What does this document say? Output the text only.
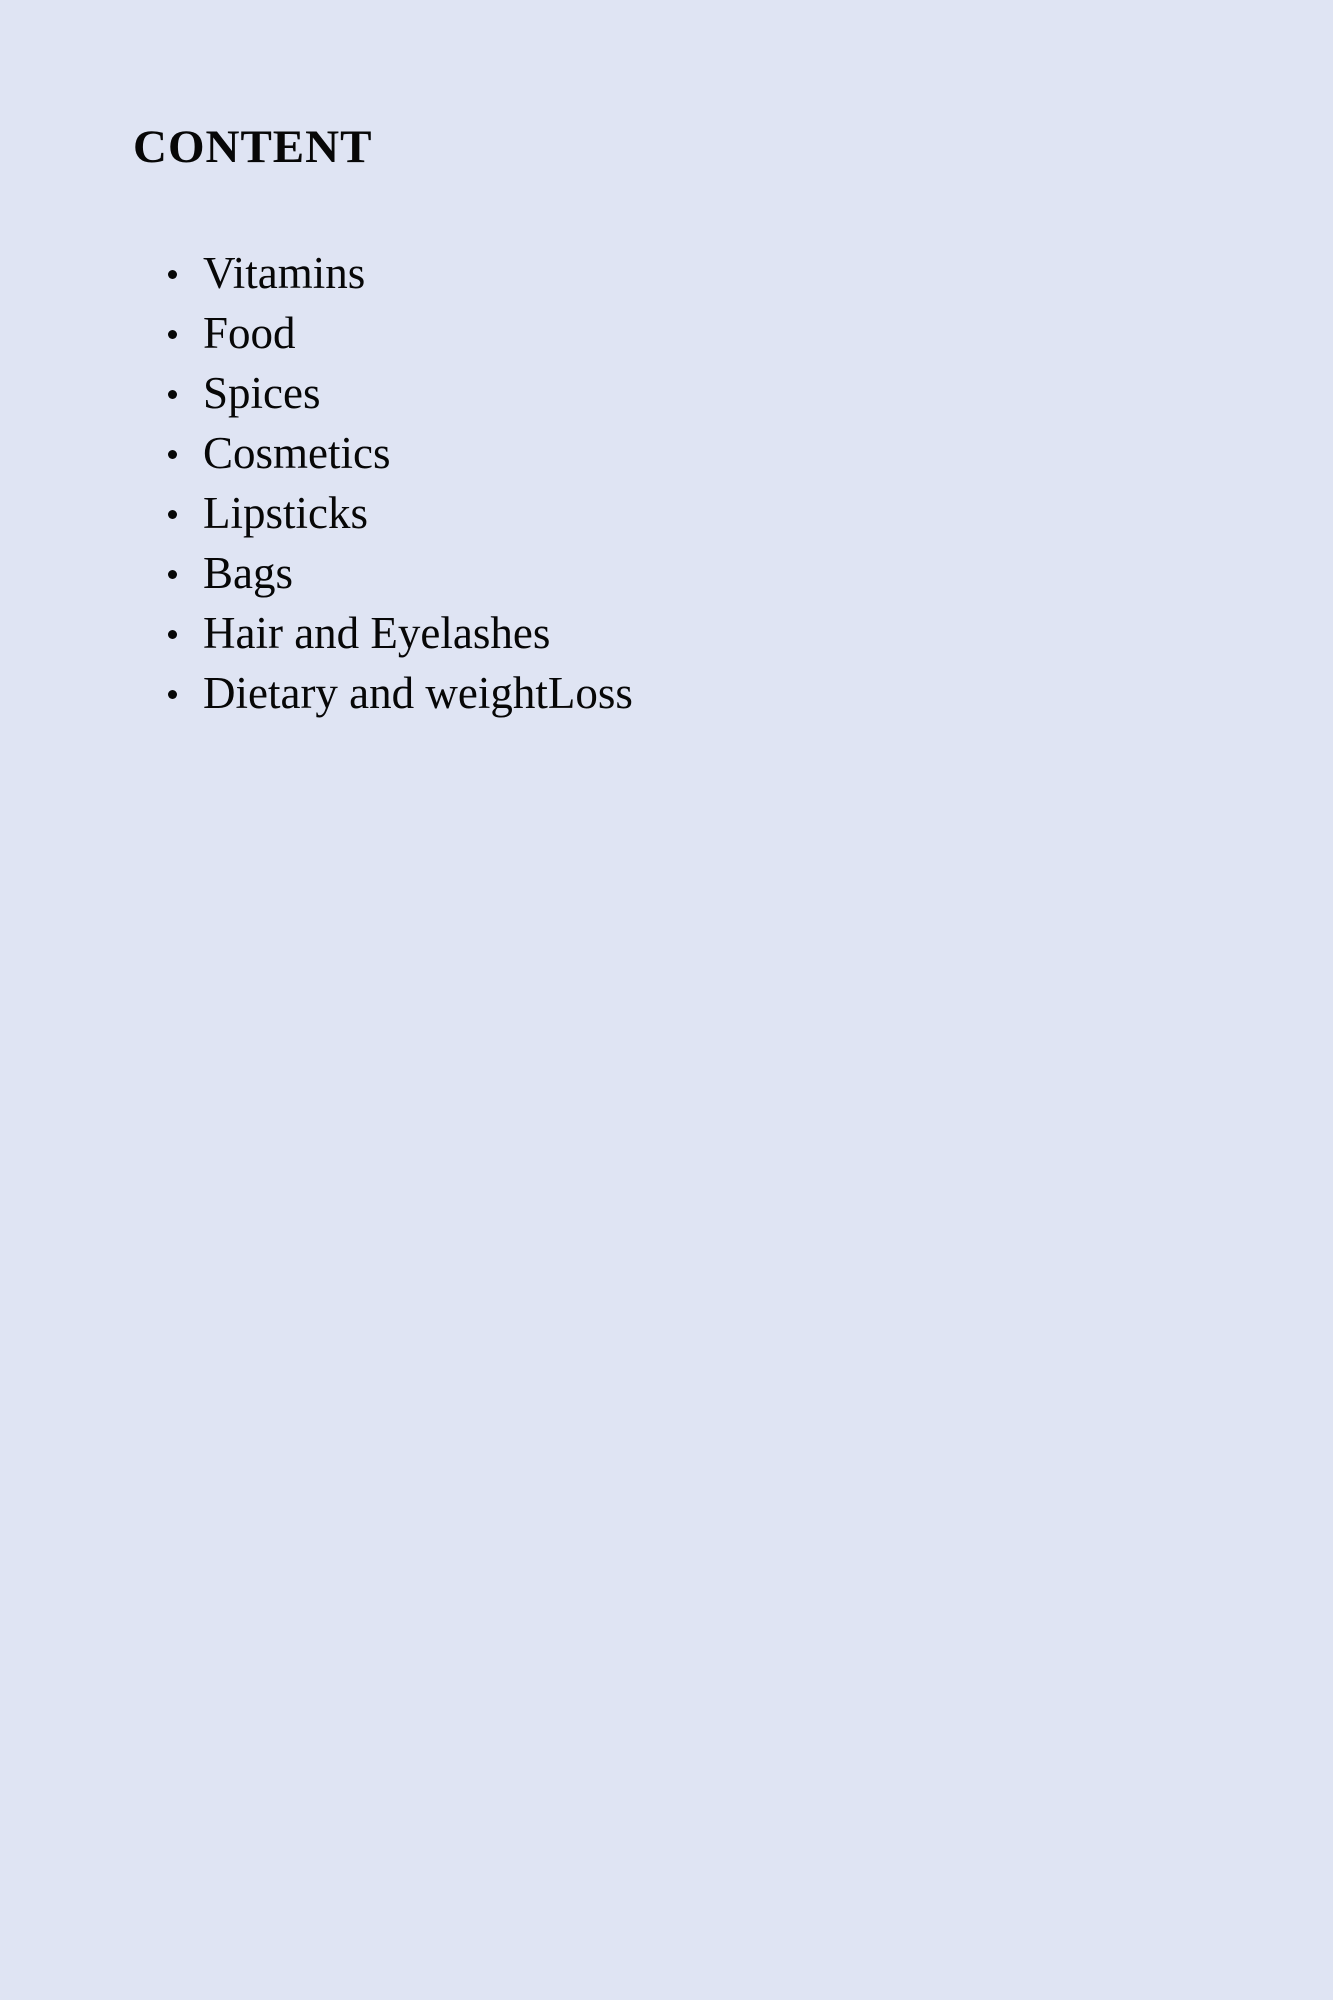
CONTENT
Vitamins
Food
Spices
Cosmetics
Lipsticks
Bags
Hair and Eyelashes
Dietary and weightLoss
